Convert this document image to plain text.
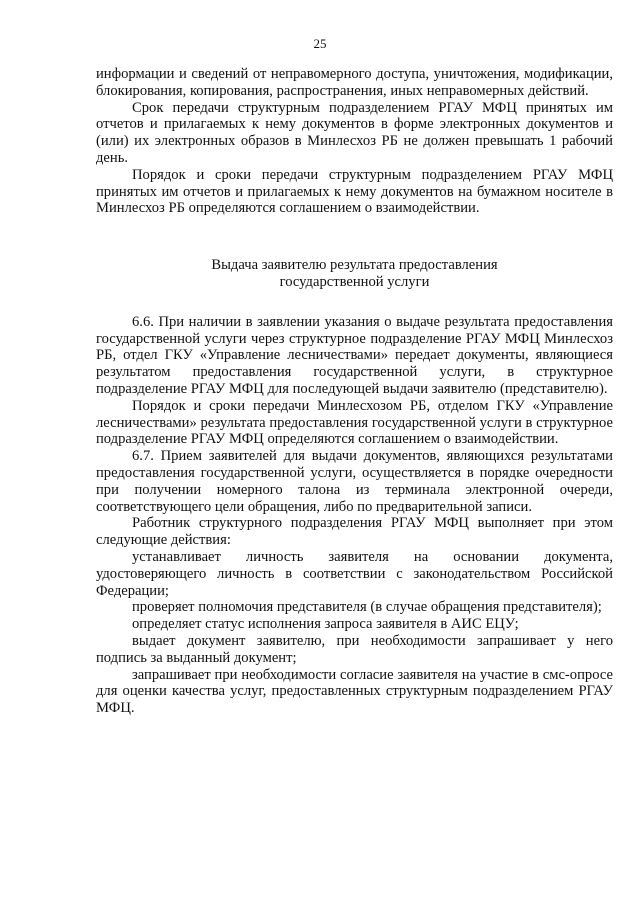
25

информации и сведений от неправомерного доступа, уничтожения, модификации, блокирования, копирования, распространения, иных неправомерных действий.

Срок передачи структурным подразделением РГАУ МФЦ принятых им отчетов и прилагаемых к нему документов в форме электронных документов и (или) их электронных образов в Минлесхоз РБ не должен превышать 1 рабочий день.

Порядок и сроки передачи структурным подразделением РГАУ МФЦ принятых им отчетов и прилагаемых к нему документов на бумажном носителе в Минлесхоз РБ определяются соглашением о взаимодействии.

Выдача заявителю результата предоставления
государственной услуги

6.6. При наличии в заявлении указания о выдаче результата предоставления государственной услуги через структурное подразделение РГАУ МФЦ Минлесхоз РБ, отдел ГКУ «Управление лесничествами» передает документы, являющиеся результатом предоставления государственной услуги, в структурное подразделение РГАУ МФЦ для последующей выдачи заявителю (представителю).

Порядок и сроки передачи Минлесхозом РБ, отделом ГКУ «Управление лесничествами» результата предоставления государственной услуги в структурное подразделение РГАУ МФЦ определяются соглашением о взаимодействии.

6.7. Прием заявителей для выдачи документов, являющихся результатами предоставления государственной услуги, осуществляется в порядке очередности при получении номерного талона из терминала электронной очереди, соответствующего цели обращения, либо по предварительной записи.

Работник структурного подразделения РГАУ МФЦ выполняет при этом следующие действия:

устанавливает личность заявителя на основании документа, удостоверяющего личность в соответствии с законодательством Российской Федерации;

проверяет полномочия представителя (в случае обращения представителя);

определяет статус исполнения запроса заявителя в АИС ЕЦУ;

выдает документ заявителю, при необходимости запрашивает у него подпись за выданный документ;

запрашивает при необходимости согласие заявителя на участие в смс-опросе для оценки качества услуг, предоставленных структурным подразделением РГАУ МФЦ.
